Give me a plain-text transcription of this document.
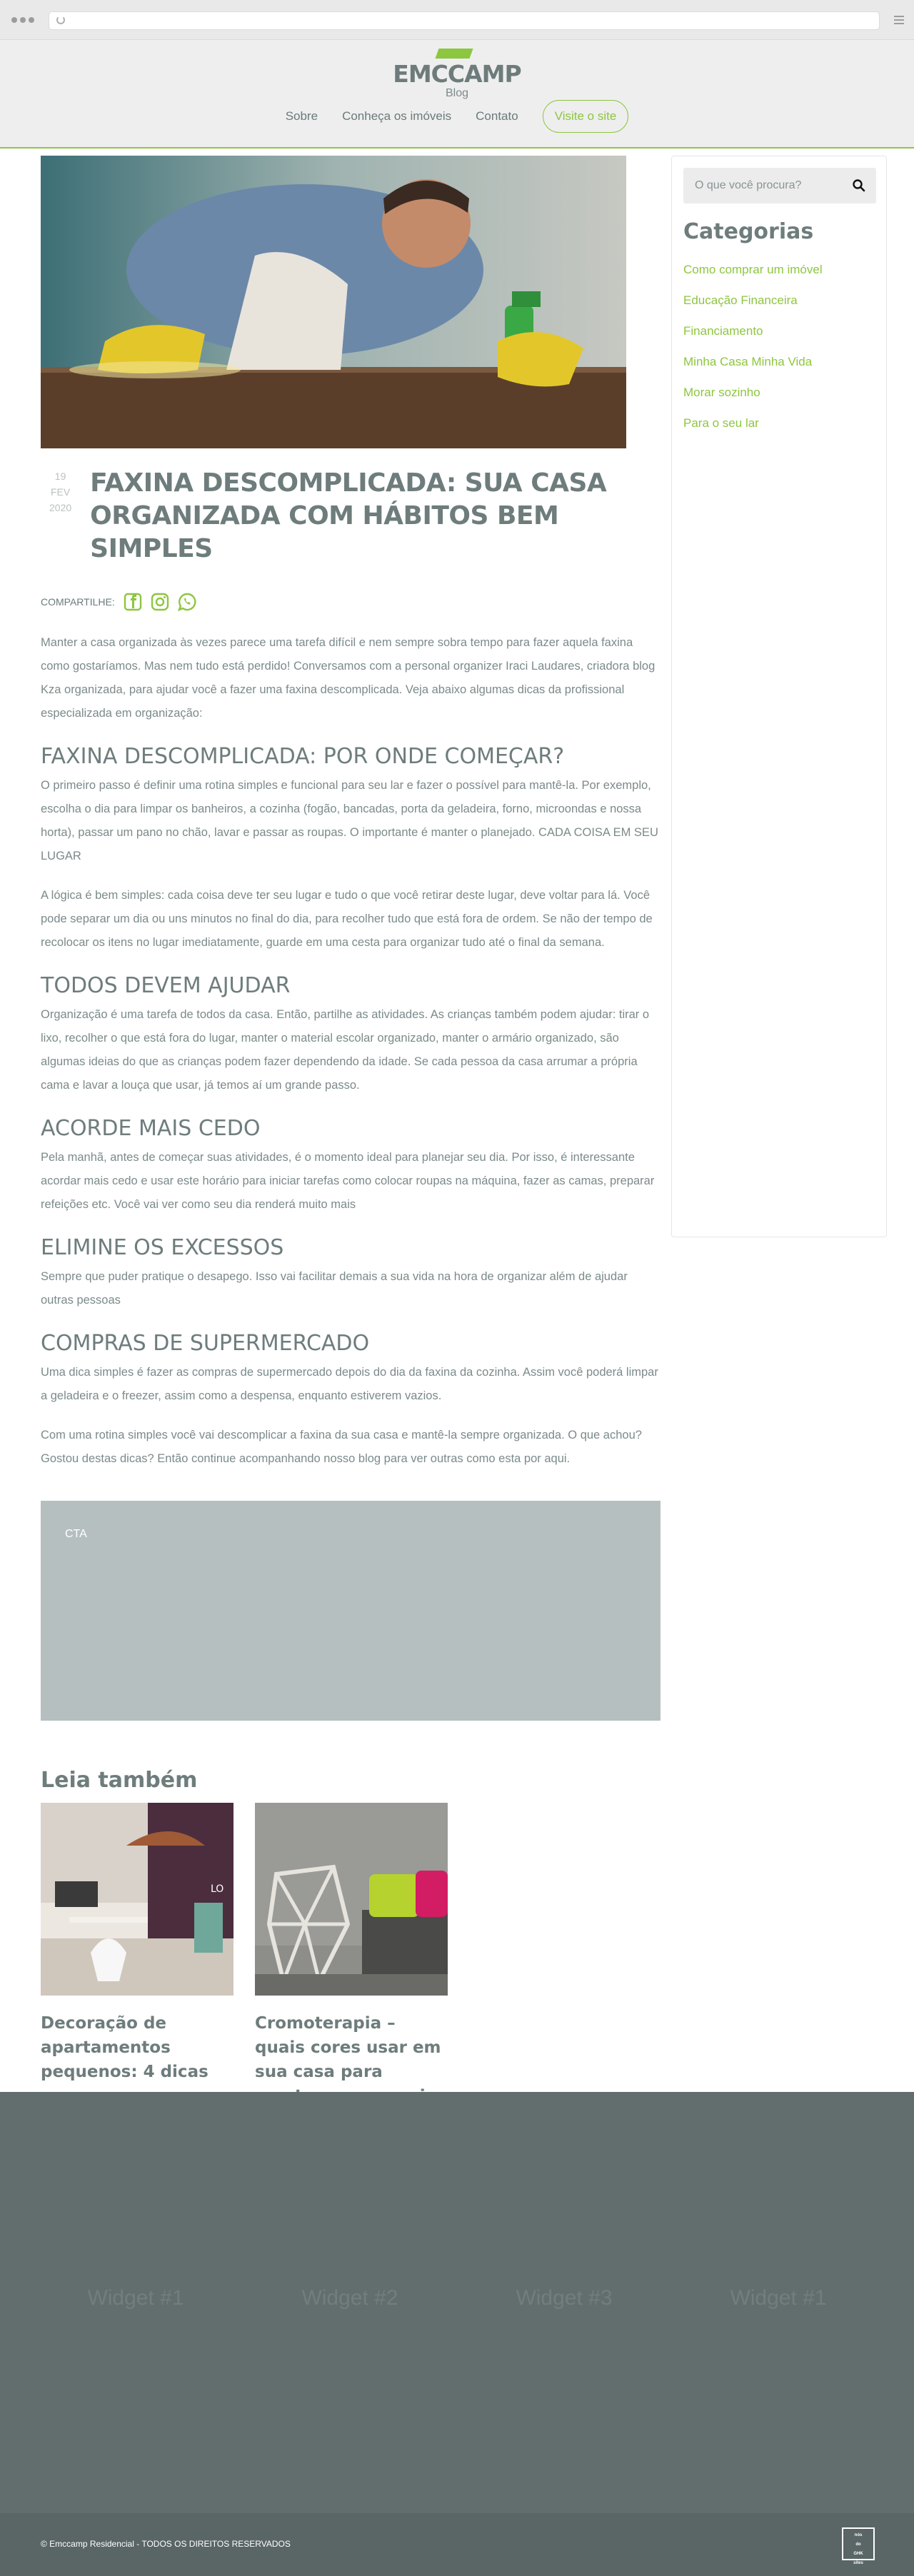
EMCCAMP
Blog
Sobre Conheça os imóveis Contato	Visite o site
19
FEV
2020
FAXINA DESCOMPLICADA: SUA CASA ORGANIZADA COM HÁBITOS BEM SIMPLES
COMPARTILHE:

Manter a casa organizada às vezes parece uma tarefa difícil e nem sempre sobra tempo para fazer aquela faxina como gostaríamos. Mas nem tudo está perdido! Conversamos com a personal organizer Iraci Laudares, criadora blog Kza organizada, para ajudar você a fazer uma faxina descomplicada. Veja abaixo algumas dicas da profissional especializada em organização:

FAXINA DESCOMPLICADA: POR ONDE COMEÇAR?

O primeiro passo é definir uma rotina simples e funcional para seu lar e fazer o possível para mantê-la. Por exemplo, escolha o dia para limpar os banheiros, a cozinha (fogão, bancadas, porta da geladeira, forno, microondas e nossa horta), passar um pano no chão, lavar e passar as roupas. O importante é manter o planejado. CADA COISA EM SEU LUGAR

A lógica é bem simples: cada coisa deve ter seu lugar e tudo o que você retirar deste lugar, deve voltar para lá. Você pode separar um dia ou uns minutos no final do dia, para recolher tudo que está fora de ordem. Se não der tempo de recolocar os itens no lugar imediatamente, guarde em uma cesta para organizar tudo até o final da semana.

TODOS DEVEM AJUDAR

Organização é uma tarefa de todos da casa. Então, partilhe as atividades. As crianças também podem ajudar: tirar o lixo, recolher o que está fora do lugar, manter o material escolar organizado, manter o armário organizado, são algumas ideias do que as crianças podem fazer dependendo da idade. Se cada pessoa da casa arrumar a própria cama e lavar a louça que usar, já temos aí um grande passo.

ACORDE MAIS CEDO

Pela manhã, antes de começar suas atividades, é o momento ideal para planejar seu dia. Por isso, é interessante acordar mais cedo e usar este horário para iniciar tarefas como colocar roupas na máquina, fazer as camas, preparar refeições etc. Você vai ver como seu dia renderá muito mais

ELIMINE OS EXCESSOS

Sempre que puder pratique o desapego. Isso vai facilitar demais a sua vida na hora de organizar além de ajudar outras pessoas

COMPRAS DE SUPERMERCADO

Uma dica simples é fazer as compras de supermercado depois do dia da faxina da cozinha. Assim você poderá limpar a geladeira e o freezer, assim como a despensa, enquanto estiverem vazios.

Com uma rotina simples você vai descomplicar a faxina da sua casa e mantê-la sempre organizada. O que achou? Gostou destas dicas? Então continue acompanhando nosso blog para ver outras como esta por aqui.

CTA
Leia também
LO
Decoração de apartamentos pequenos: 4 dicas
Cromoterapia – quais cores usar em sua casa para
O que você procura?
Categorias
Como comprar um imóvel
Educação Financeira
Financiamento
Minha Casa Minha Vida
Morar sozinho
Para o seu lar
Widget #1	Widget #2	Widget #3	Widget #1
© Emccamp Residencial - TODOS OS DIREITOS RESERVADOS
nós
do
GHK
sites
